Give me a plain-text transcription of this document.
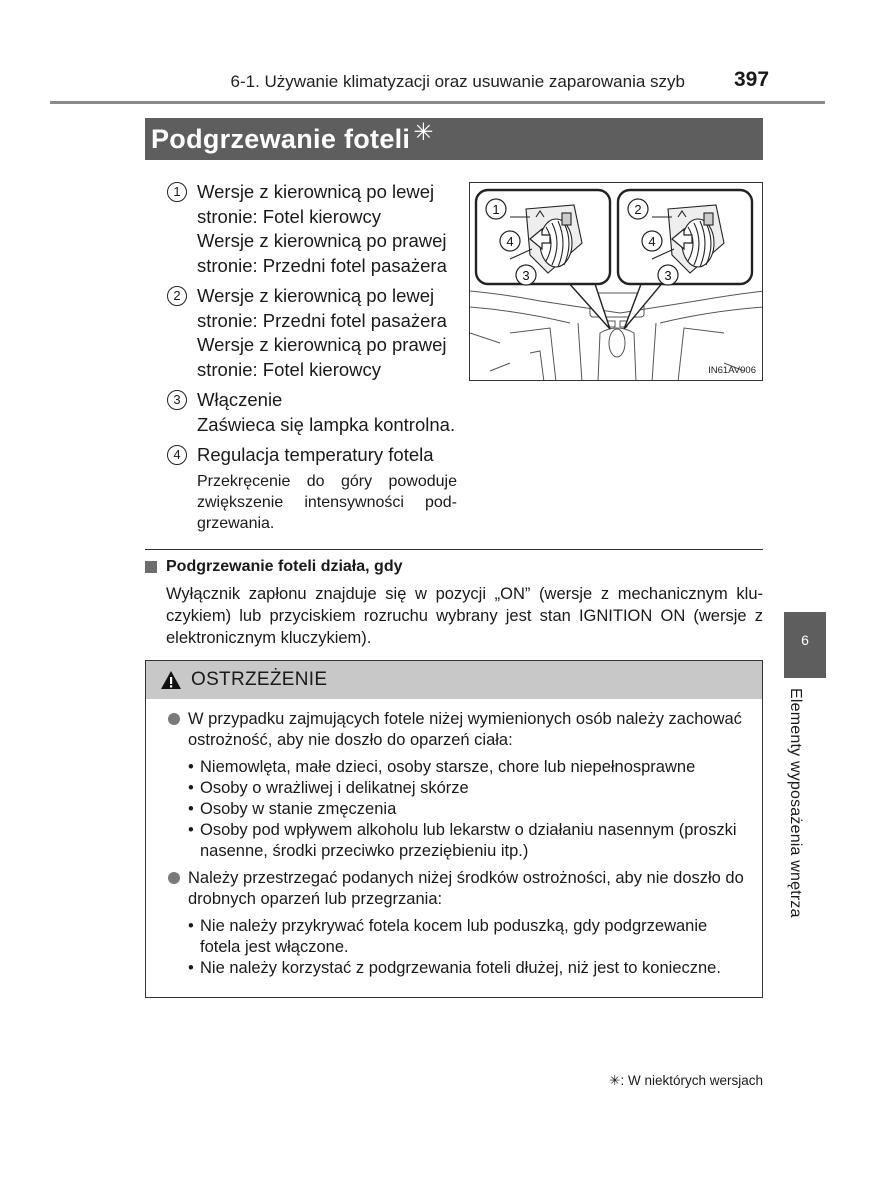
6-1. Używanie klimatyzacji oraz usuwanie zaparowania szyb 397
Podgrzewanie foteli ✳
1 Wersje z kierownicą po lewej
stronie: Fotel kierowcy
Wersje z kierownicą po prawej
stronie: Przedni fotel pasażera
2 Wersje z kierownicą po lewej
stronie: Przedni fotel pasażera
Wersje z kierownicą po prawej
stronie: Fotel kierowcy
3 Włączenie
Zaświeca się lampka kontrolna.
4 Regulacja temperatury fotela
Przekręcenie do góry powoduje zwiększenie intensywności pod-grzewania.
1
4
3
2
4
3
IN61AV006
Podgrzewanie foteli działa, gdy
Wyłącznik zapłonu znajduje się w pozycji „ON” (wersje z mechanicznym klu-czykiem) lub przyciskiem rozruchu wybrany jest stan IGNITION ON (wersje z elektronicznym kluczykiem).
OSTRZEŻENIE
W przypadku zajmujących fotele niżej wymienionych osób należy zachować ostrożność, aby nie doszło do oparzeń ciała:
• Niemowlęta, małe dzieci, osoby starsze, chore lub niepełnosprawne
• Osoby o wrażliwej i delikatnej skórze
• Osoby w stanie zmęczenia
• Osoby pod wpływem alkoholu lub lekarstw o działaniu nasennym (proszki nasenne, środki przeciwko przeziębieniu itp.)
Należy przestrzegać podanych niżej środków ostrożności, aby nie doszło do drobnych oparzeń lub przegrzania:
• Nie należy przykrywać fotela kocem lub poduszką, gdy podgrzewanie fotela jest włączone.
• Nie należy korzystać z podgrzewania foteli dłużej, niż jest to konieczne.
6
Elementy wyposażenia wnętrza
✳: W niektórych wersjach
